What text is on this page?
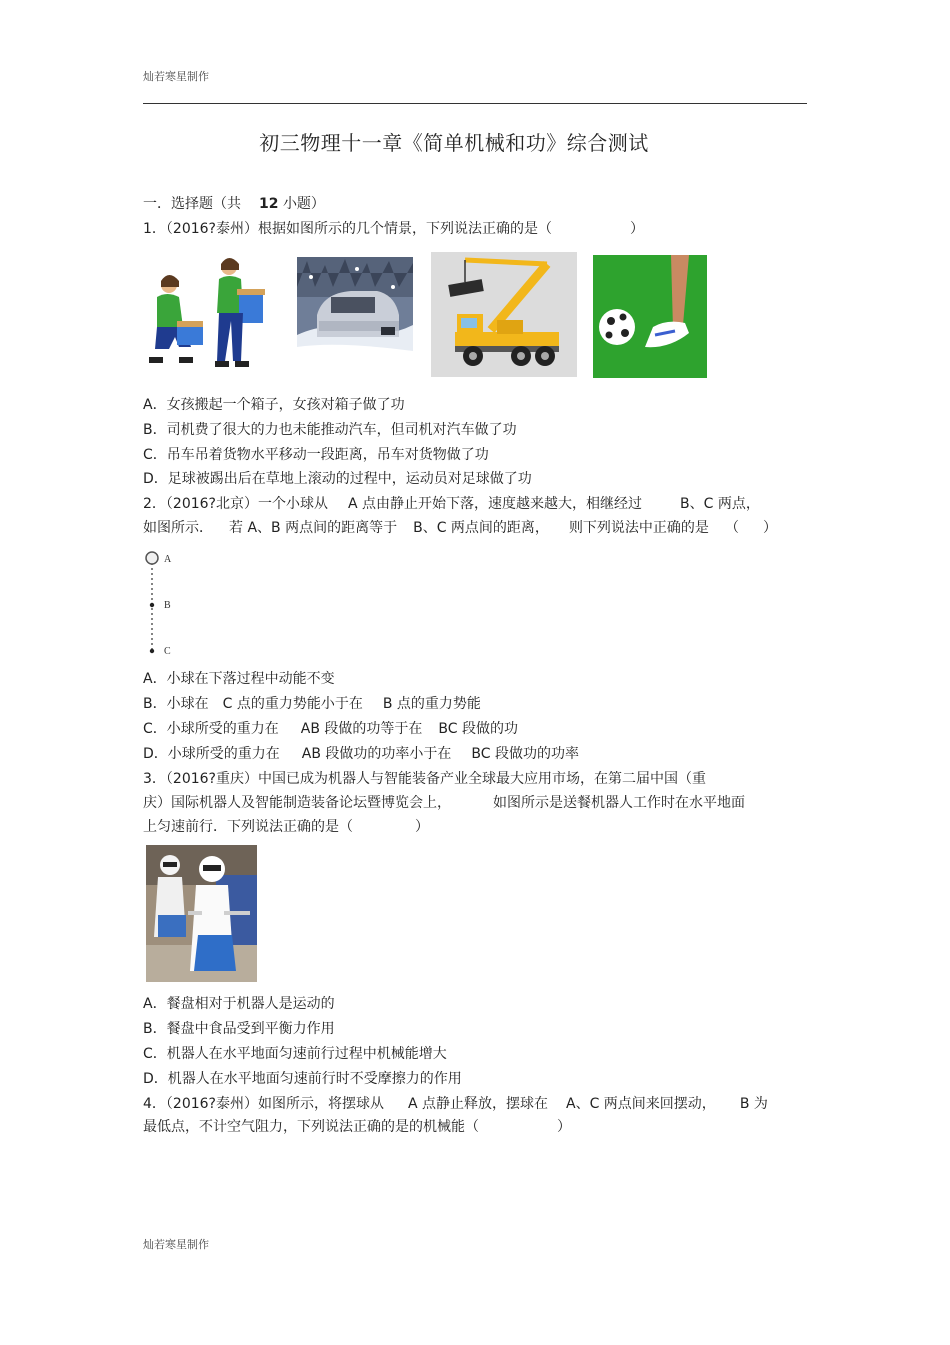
灿若寒星制作
初三物理十一章《简单机械和功》综合测试
一．选择题（共 12 小题）
1．（2016?泰州）根据如图所示的几个情景，下列说法正确的是（	）
A．女孩搬起一个箱子，女孩对箱子做了功
B．司机费了很大的力也未能推动汽车，但司机对汽车做了功
C．吊车吊着货物水平移动一段距离，吊车对货物做了功
D．足球被踢出后在草地上滚动的过程中，运动员对足球做了功
2．（2016?北京）一个小球从 A 点由静止开始下落，速度越来越大，相继经过	B、C 两点，
如图所示． 若 A、B 两点间的距离等于 B、C 两点间的距离， 则下列说法中正确的是 （ ）
A
B
C
A．小球在下落过程中动能不变
B．小球在 C 点的重力势能小于在 B 点的重力势能
C．小球所受的重力在 AB 段做的功等于在 BC 段做的功
D．小球所受的重力在 AB 段做功的功率小于在 BC 段做功的功率
3．（2016?重庆）中国已成为机器人与智能装备产业全球最大应用市场，在第二届中国（重
庆）国际机器人及智能制造装备论坛暨博览会上，	如图所示是送餐机器人工作时在水平地面
上匀速前行．下列说法正确的是（	）
A．餐盘相对于机器人是运动的
B．餐盘中食品受到平衡力作用
C．机器人在水平地面匀速前行过程中机械能增大
D．机器人在水平地面匀速前行时不受摩擦力的作用
4．（2016?泰州）如图所示，将摆球从 A 点静止释放，摆球在 A、C 两点间来回摆动， B 为
最低点，不计空气阻力，下列说法正确的是的机械能（	）
灿若寒星制作
